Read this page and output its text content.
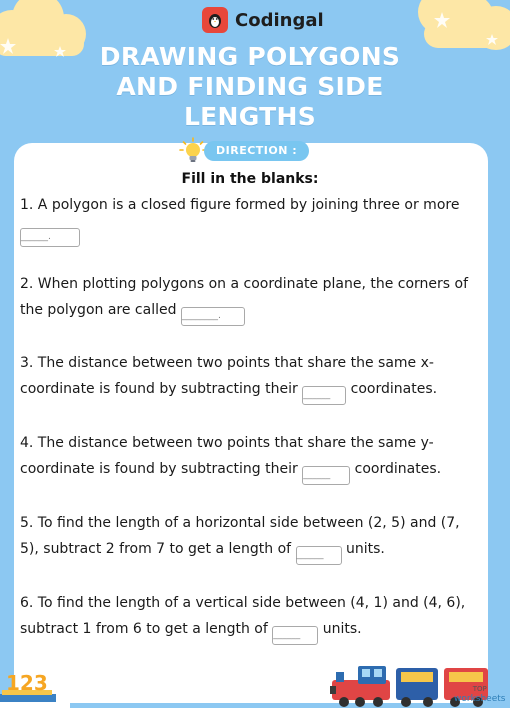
Codingal
DRAWING POLYGONS
AND FINDING SIDE
LENGTHS
DIRECTION :
Fill in the blanks:
1. A polygon is a closed figure formed by joining three or more
______.
2. When plotting polygons on a coordinate plane, the corners of the polygon are called ________.
3. The distance between two points that share the same x-coordinate is found by subtracting their ______	coordinates.
4. The distance between two points that share the same y-coordinate is found by subtracting their ______	coordinates.
5. To find the length of a horizontal side between (2, 5) and (7, 5), subtract 2 from 7 to get a length of ______	units.
6. To find the length of a vertical side between (4, 1) and (4, 6), subtract 1 from 6 to get a length of ______	units.
123	TOP
worksheets
